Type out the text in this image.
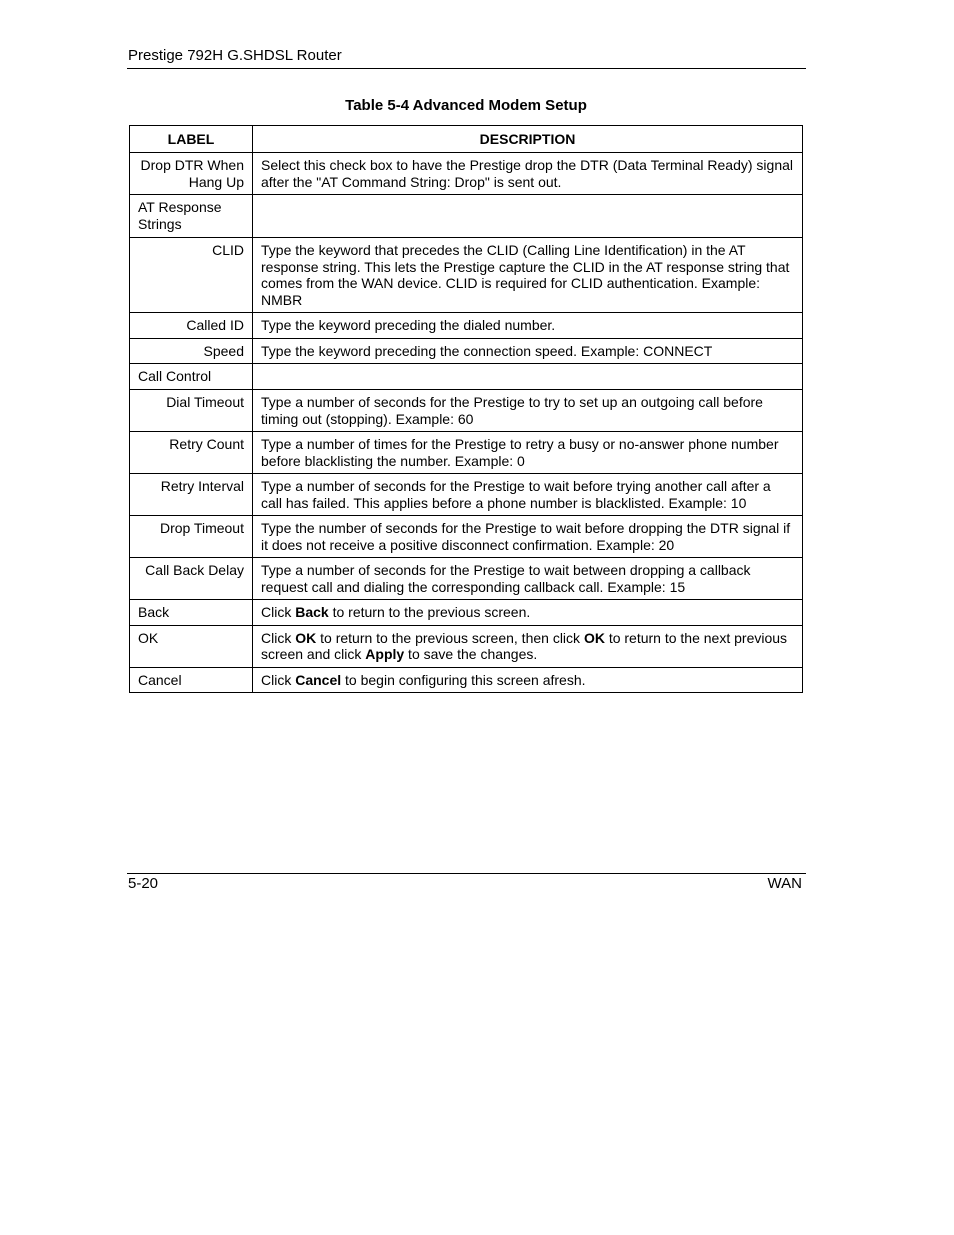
Prestige 792H G.SHDSL Router
Table 5-4 Advanced Modem Setup
LABEL	DESCRIPTION
Drop DTR When Hang Up	Select this check box to have the Prestige drop the DTR (Data Terminal Ready) signal after the "AT Command String: Drop" is sent out.
AT Response Strings	
CLID	Type the keyword that precedes the CLID (Calling Line Identification) in the AT response string. This lets the Prestige capture the CLID in the AT response string that comes from the WAN device. CLID is required for CLID authentication. Example: NMBR
Called ID	Type the keyword preceding the dialed number.
Speed	Type the keyword preceding the connection speed. Example: CONNECT
Call Control	
Dial Timeout	Type a number of seconds for the Prestige to try to set up an outgoing call before timing out (stopping). Example: 60
Retry Count	Type a number of times for the Prestige to retry a busy or no-answer phone number before blacklisting the number. Example: 0
Retry Interval	Type a number of seconds for the Prestige to wait before trying another call after a call has failed. This applies before a phone number is blacklisted. Example: 10
Drop Timeout	Type the number of seconds for the Prestige to wait before dropping the DTR signal if it does not receive a positive disconnect confirmation. Example: 20
Call Back Delay	Type a number of seconds for the Prestige to wait between dropping a callback request call and dialing the corresponding callback call. Example: 15
Back	Click Back to return to the previous screen.
OK	Click OK to return to the previous screen, then click OK to return to the next previous screen and click Apply to save the changes.
Cancel	Click Cancel to begin configuring this screen afresh.
5-20	WAN
